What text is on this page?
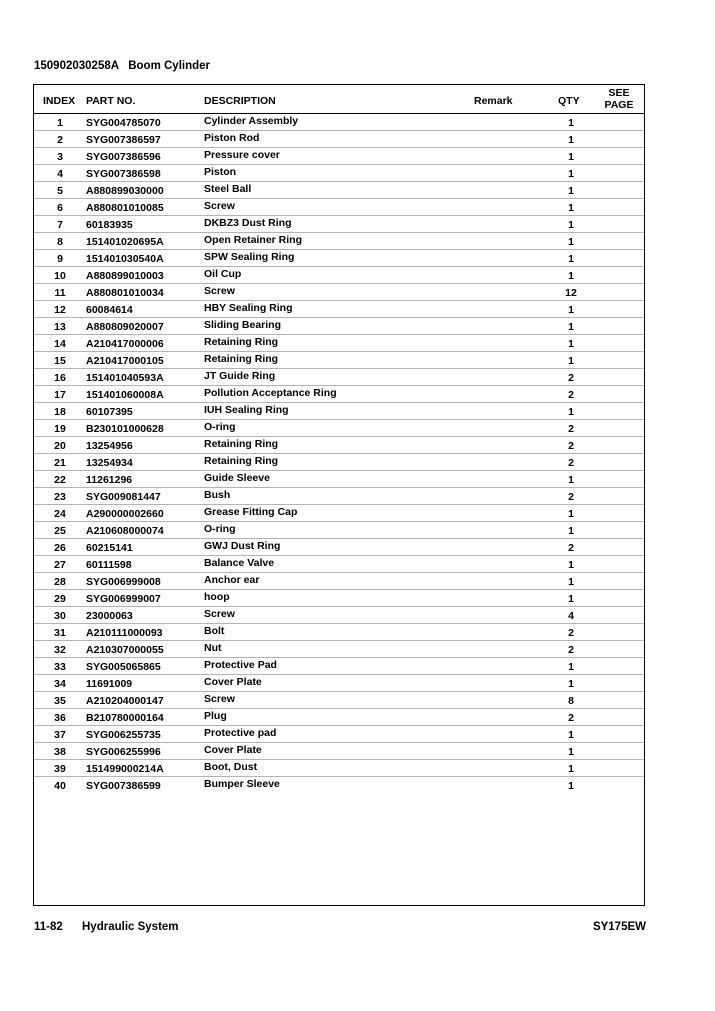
150902030258A   Boom Cylinder
INDEX PART NO.	DESCRIPTION	Remark	QTY
SEE
PAGE
1	SYG004785070	Cylinder Assembly	1
2	SYG007386597	Piston Rod	1
3	SYG007386596	Pressure cover	1
4	SYG007386598	Piston	1
5	A880899030000	Steel Ball	1
6	A880801010085	Screw	1
7	60183935	DKBZ3 Dust Ring	1
8	151401020695A	Open Retainer Ring	1
9	151401030540A	SPW Sealing Ring	1
10	A880899010003	Oil Cup	1
11	A880801010034	Screw	12
12	60084614	HBY Sealing Ring	1
13	A880809020007	Sliding Bearing	1
14	A210417000006	Retaining Ring	1
15	A210417000105	Retaining Ring	1
16	151401040593A	JT Guide Ring	2
17	151401060008A	Pollution Acceptance Ring	2
18	60107395	IUH Sealing Ring	1
19	B230101000628	O-ring	2
20	13254956	Retaining Ring	2
21	13254934	Retaining Ring	2
22	11261296	Guide Sleeve	1
23	SYG009081447	Bush	2
24	A290000002660	Grease Fitting Cap	1
25	A210608000074	O-ring	1
26	60215141	GWJ Dust Ring	2
27	60111598	Balance Valve	1
28	SYG006999008	Anchor ear	1
29	SYG006999007	hoop	1
30	23000063	Screw	4
31	A210111000093	Bolt	2
32	A210307000055	Nut	2
33	SYG005065865	Protective Pad	1
34	11691009	Cover Plate	1
35	A210204000147	Screw	8
36	B210780000164	Plug	2
37	SYG006255735	Protective pad	1
38	SYG006255996	Cover Plate	1
39	151499000214A	Boot, Dust	1
40	SYG007386599	Bumper Sleeve	1
11-82 Hydraulic System	SY175EW
